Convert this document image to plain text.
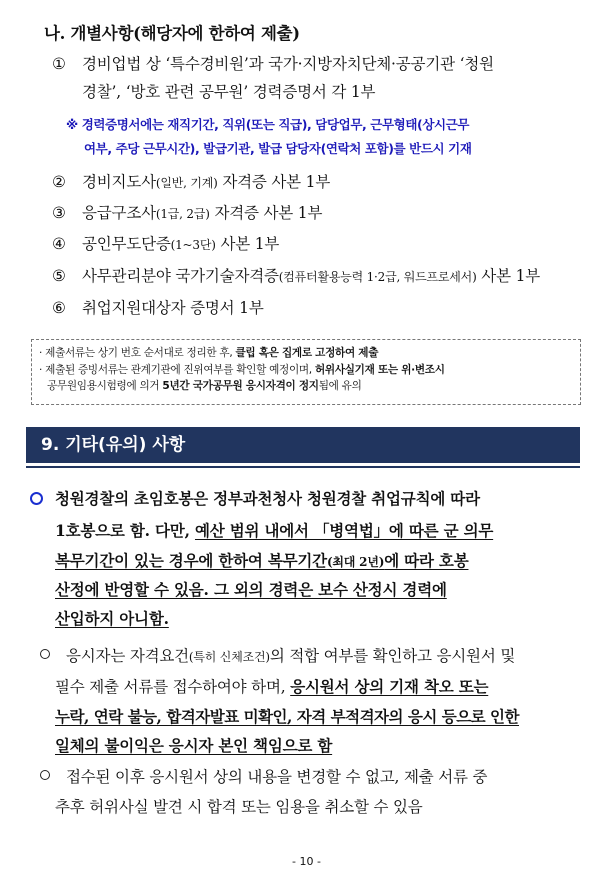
나. 개별사항(해당자에 한하여 제출)
① 경비업법 상 ‘특수경비원’과 국가·지방자치단체·공공기관 ‘청원
경찰’, ‘방호 관련 공무원’ 경력증명서 각 1부
※ 경력증명서에는 재직기간, 직위(또는 직급), 담당업무, 근무형태(상시근무
여부, 주당 근무시간), 발급기관, 발급 담당자(연락처 포함)를 반드시 기재
② 경비지도사(일반, 기계) 자격증 사본 1부
③ 응급구조사(1급, 2급) 자격증 사본 1부
④ 공인무도단증(1~3단) 사본 1부
⑤ 사무관리분야 국가기술자격증(컴퓨터활용능력 1·2급, 워드프로세서) 사본 1부
⑥ 취업지원대상자 증명서 1부
· 제출서류는 상기 번호 순서대로 정리한 후, 클립 혹은 집게로 고정하여 제출
· 제출된 증빙서류는 관계기관에 진위여부를 확인할 예정이며, 허위사실기재 또는 위·변조시
공무원임용시험령에 의거 5년간 국가공무원 응시자격이 정지됨에 유의
9. 기타(유의) 사항
청원경찰의 초임호봉은 정부과천청사 청원경찰 취업규칙에 따라
1호봉으로 함. 다만, 예산 범위 내에서 「병역법」에 따른 군 의무
복무기간이 있는 경우에 한하여 복무기간(최대 2년)에 따라 호봉
산정에 반영할 수 있음. 그 외의 경력은 보수 산정시 경력에
산입하지 아니함.
응시자는 자격요건(특히 신체조건)의 적합 여부를 확인하고 응시원서 및
필수 제출 서류를 접수하여야 하며, 응시원서 상의 기재 착오 또는
누락, 연락 불능, 합격자발표 미확인, 자격 부적격자의 응시 등으로 인한
일체의 불이익은 응시자 본인 책임으로 함
접수된 이후 응시원서 상의 내용을 변경할 수 없고, 제출 서류 중
추후 허위사실 발견 시 합격 또는 임용을 취소할 수 있음
- 10 -
